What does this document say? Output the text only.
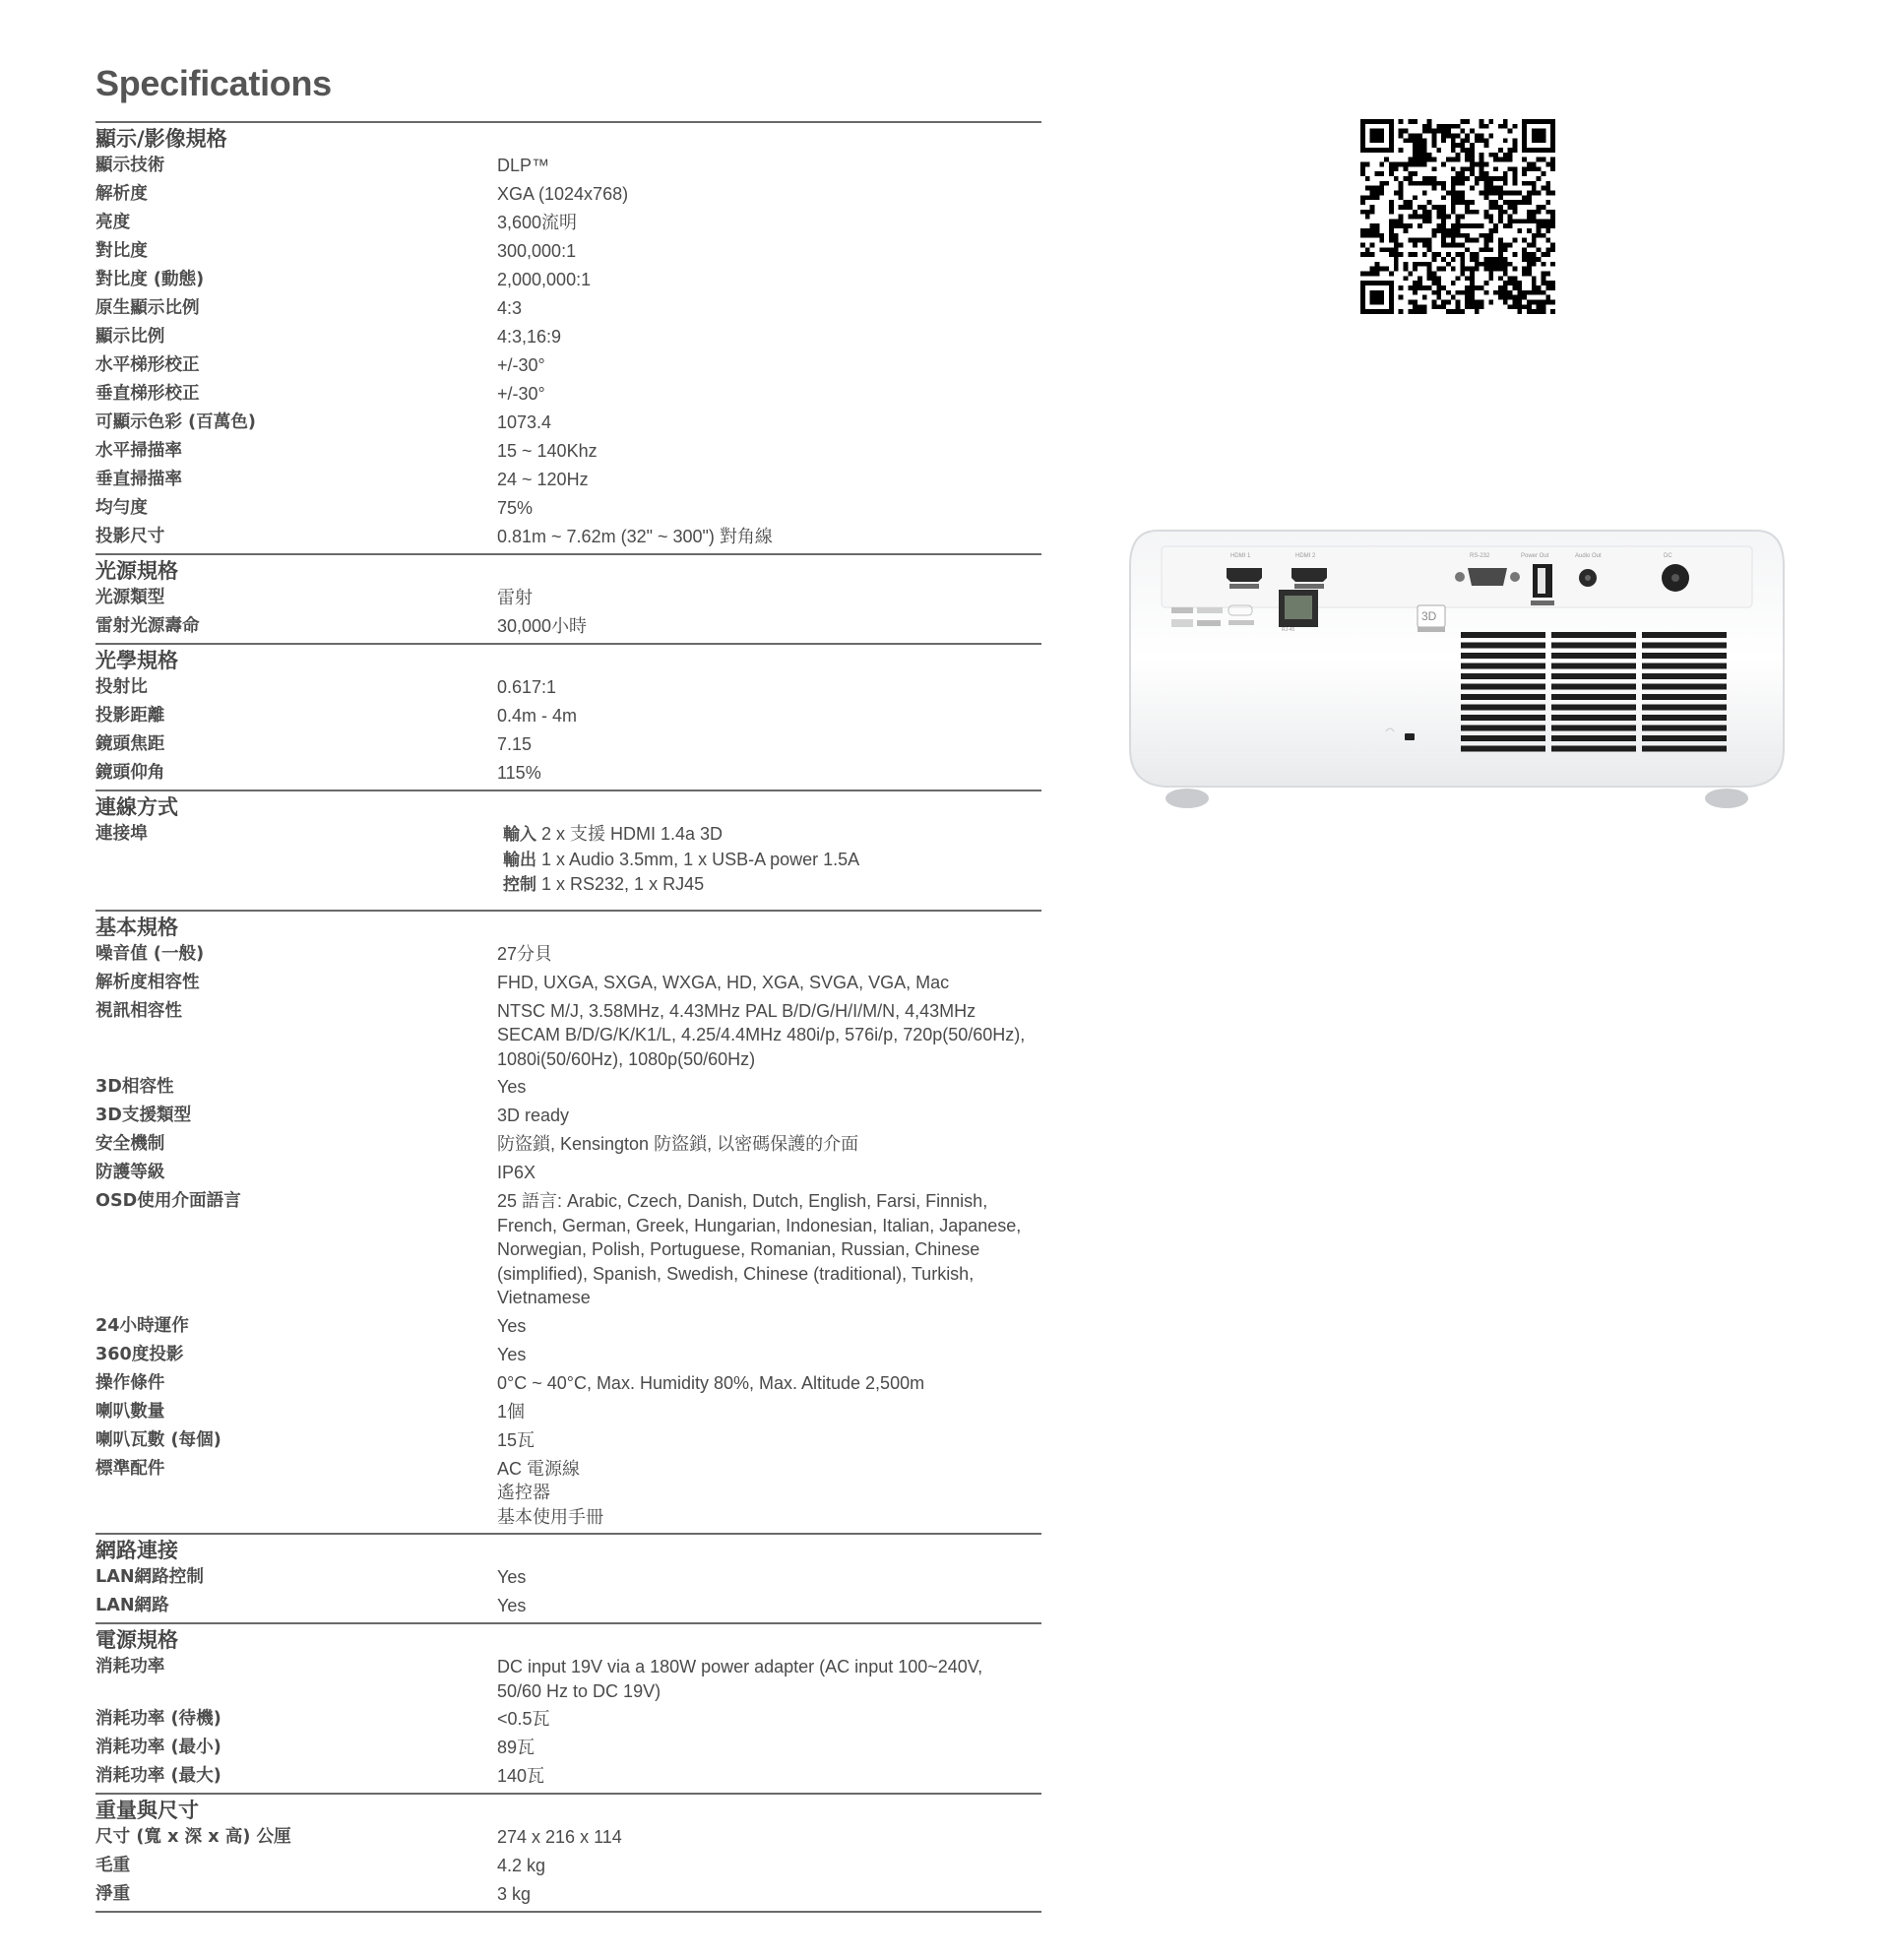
Specifications
顯示/影像規格
顯示技術	DLP™
解析度	XGA (1024x768)
亮度	3,600流明
對比度	300,000:1
對比度 (動態)	2,000,000:1
原生顯示比例	4:3
顯示比例	4:3,16:9
水平梯形校正	+/-30°
垂直梯形校正	+/-30°
可顯示色彩 (百萬色)	1073.4
水平掃描率	15 ~ 140Khz
垂直掃描率	24 ~ 120Hz
均勻度	75%
投影尺寸	0.81m ~ 7.62m (32" ~ 300") 對角線
光源規格
光源類型	雷射
雷射光源壽命	30,000小時
光學規格
投射比	0.617:1
投影距離	0.4m - 4m
鏡頭焦距	7.15
鏡頭仰角	115%
連線方式
連接埠	輸入 2 x 支援 HDMI 1.4a 3D
輸出 1 x Audio 3.5mm, 1 x USB-A power 1.5A
控制 1 x RS232, 1 x RJ45
基本規格
噪音值 (一般)	27分貝
解析度相容性	FHD, UXGA, SXGA, WXGA, HD, XGA, SVGA, VGA, Mac
視訊相容性	NTSC M/J, 3.58MHz, 4.43MHz PAL B/D/G/H/I/M/N, 4,43MHz SECAM B/D/G/K/K1/L, 4.25/4.4MHz 480i/p, 576i/p, 720p(50/60Hz), 1080i(50/60Hz), 1080p(50/60Hz)
3D相容性	Yes
3D支援類型	3D ready
安全機制	防盜鎖, Kensington 防盜鎖, 以密碼保護的介面
防護等級	IP6X
OSD使用介面語言	25 語言: Arabic, Czech, Danish, Dutch, English, Farsi, Finnish, French, German, Greek, Hungarian, Indonesian, Italian, Japanese, Norwegian, Polish, Portuguese, Romanian, Russian, Chinese (simplified), Spanish, Swedish, Chinese (traditional), Turkish, Vietnamese
24小時運作	Yes
360度投影	Yes
操作條件	0°C ~ 40°C, Max. Humidity 80%, Max. Altitude 2,500m
喇叭數量	1個
喇叭瓦數 (每個)	15瓦
標準配件	AC 電源線
遙控器
基本使用手冊
網路連接
LAN網路控制	Yes
LAN網路	Yes
電源規格
消耗功率	DC input 19V via a 180W power adapter (AC input 100~240V, 50/60 Hz to DC 19V)
消耗功率 (待機)	<0.5瓦
消耗功率 (最小)	89瓦
消耗功率 (最大)	140瓦
重量與尺寸
尺寸 (寬 x 深 x 高) 公厘	274 x 216 x 114
毛重	4.2 kg
淨重	3 kg
HDMI 1	HDMI 2	RS-232	Power Out	Audio Out	DC
RJ-45
3D
